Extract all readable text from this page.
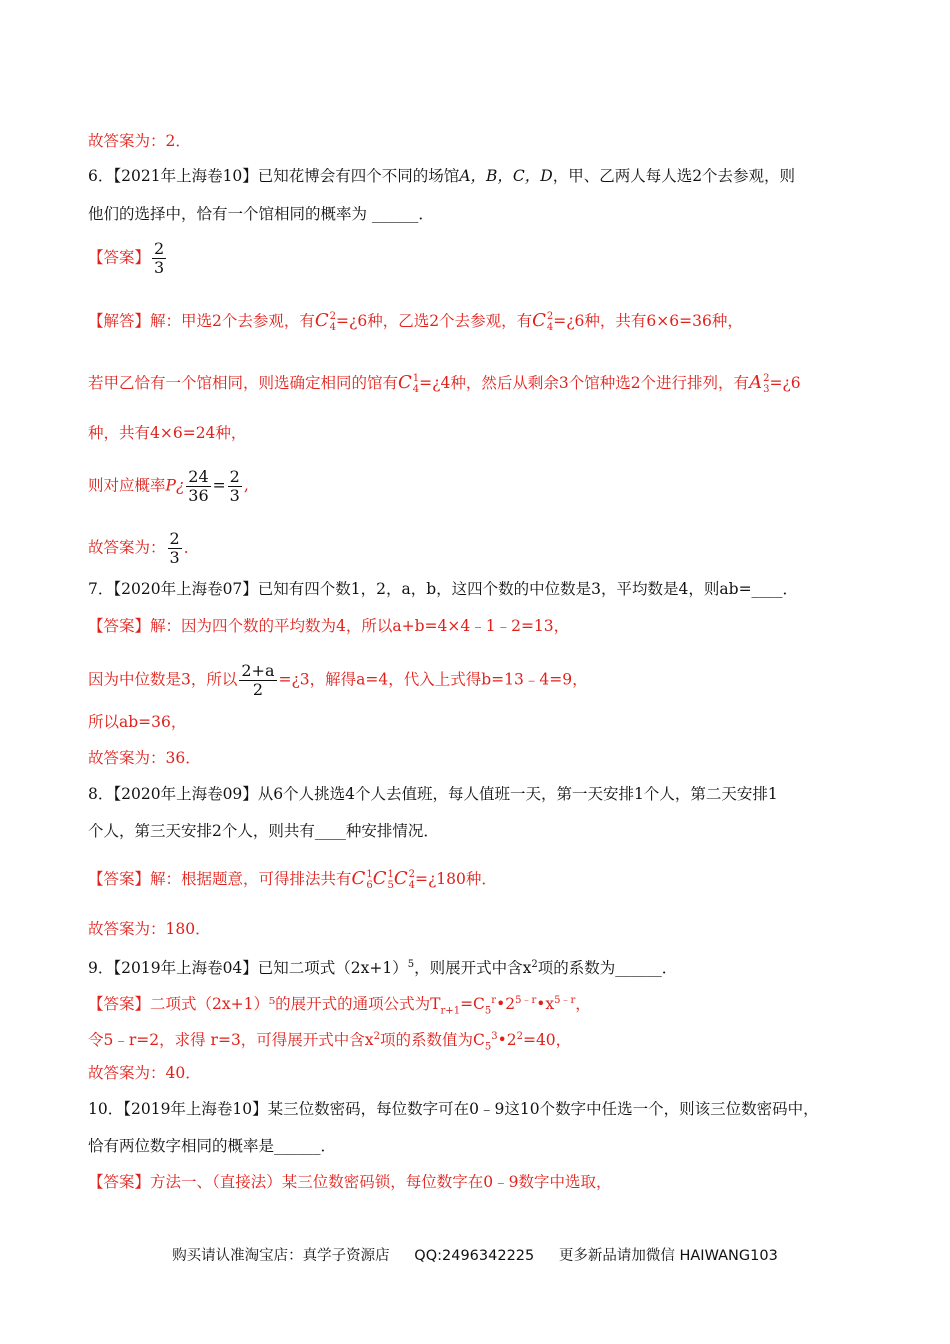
故答案为：2．
6．【2021年上海卷10】已知花博会有四个不同的场馆A，B，C，D，甲、乙两人每人选2个去参观，则
他们的选择中，恰有一个馆相同的概率为 ______．
【答案】 $\frac{2}{3}$
【解答】解：甲选2个去参观，有C 2
4 =¿6种，乙选2个去参观，有C 2
4 =¿6种，共有6×6=36种，
若甲乙恰有一个馆相同，则选确定相同的馆有C 1
4 =¿4种，然后从剩余3个馆种选2个进行排列，有A 2
3 =¿6
种，共有4×6=24种，
则对应概率P¿ $\frac{24}{36} = \frac{2}{3}$ ,
故答案为： $\frac{2}{3}$ ．
7．【2020年上海卷07】已知有四个数1，2，a，b，这四个数的中位数是3，平均数是4，则ab=____．
【答案】解：因为四个数的平均数为4，所以a+b=4×4﹣1﹣2=13，
因为中位数是3，所以 $\frac{2+a}{2}$ =¿3，解得a=4，代入上式得b=13﹣4=9，
所以ab=36，
故答案为：36．
8．【2020年上海卷09】从6个人挑选4个人去值班，每人值班一天，第一天安排1个人，第二天安排1
个人，第三天安排2个人，则共有____种安排情况．
【答案】解：根据题意，可得排法共有C 1
6 C 1
5 C 2
4 =¿180种．
故答案为：180．
9．【2019年上海卷04】已知二项式$(2x+1)^5$，则展开式中含$x^2$项的系数为______．
【答案】二项式（2x+1）⁵的展开式的通项公式为$T_{r+1}=C_5^r•2^{5﹣r}•x^{5﹣r}$，
令5﹣r=2，求得 r=3，可得展开式中含$x^2$项的系数值为$C_5^3•2^2=40$，
故答案为：40．
10．【2019年上海卷10】某三位数密码，每位数字可在0﹣9这10个数字中任选一个，则该三位数密码中，
恰有两位数字相同的概率是______．
【答案】方法一、（直接法）某三位数密码锁，每位数字在0﹣9数字中选取，
购买请认准淘宝店：真学子资源店 QQ:2496342225 更多新品请加微信 HAIWANG103
